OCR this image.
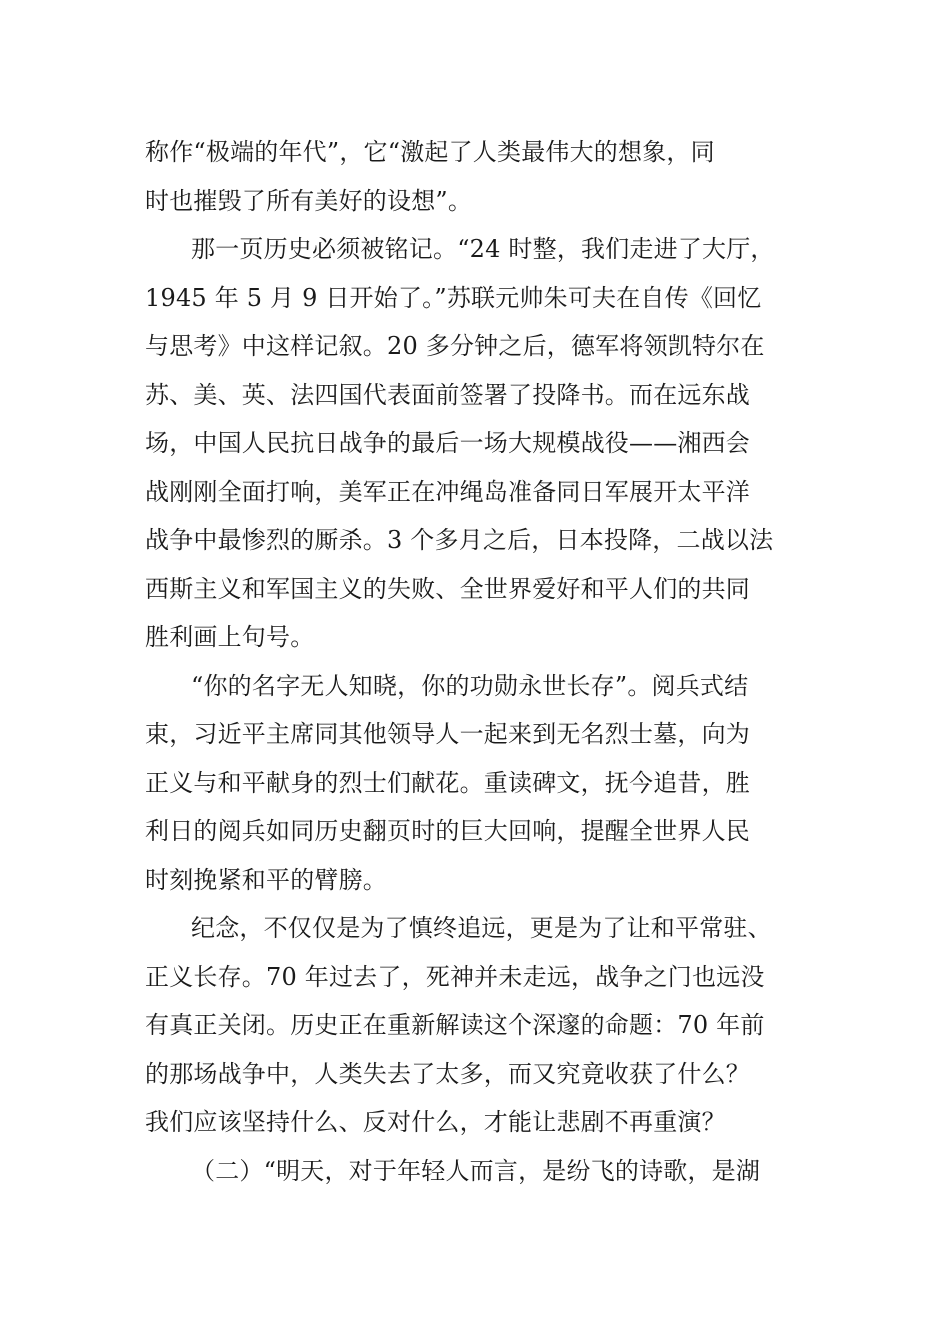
称作“极端的年代”，它“激起了人类最伟大的想象，同
时也摧毁了所有美好的设想”。
那一页历史必须被铭记。“24 时整，我们走进了大厅，
1945 年 5 月 9 日开始了。”苏联元帅朱可夫在自传《回忆
与思考》中这样记叙。20 多分钟之后，德军将领凯特尔在
苏、美、英、法四国代表面前签署了投降书。而在远东战
场，中国人民抗日战争的最后一场大规模战役——湘西会
战刚刚全面打响，美军正在冲绳岛准备同日军展开太平洋
战争中最惨烈的厮杀。3 个多月之后，日本投降，二战以法
西斯主义和军国主义的失败、全世界爱好和平人们的共同
胜利画上句号。
“你的名字无人知晓，你的功勋永世长存”。阅兵式结
束，习近平主席同其他领导人一起来到无名烈士墓，向为
正义与和平献身的烈士们献花。重读碑文，抚今追昔，胜
利日的阅兵如同历史翻页时的巨大回响，提醒全世界人民
时刻挽紧和平的臂膀。
纪念，不仅仅是为了慎终追远，更是为了让和平常驻、
正义长存。70 年过去了，死神并未走远，战争之门也远没
有真正关闭。历史正在重新解读这个深邃的命题：70 年前
的那场战争中，人类失去了太多，而又究竟收获了什么？
我们应该坚持什么、反对什么，才能让悲剧不再重演？
（二）“明天，对于年轻人而言，是纷飞的诗歌，是湖
